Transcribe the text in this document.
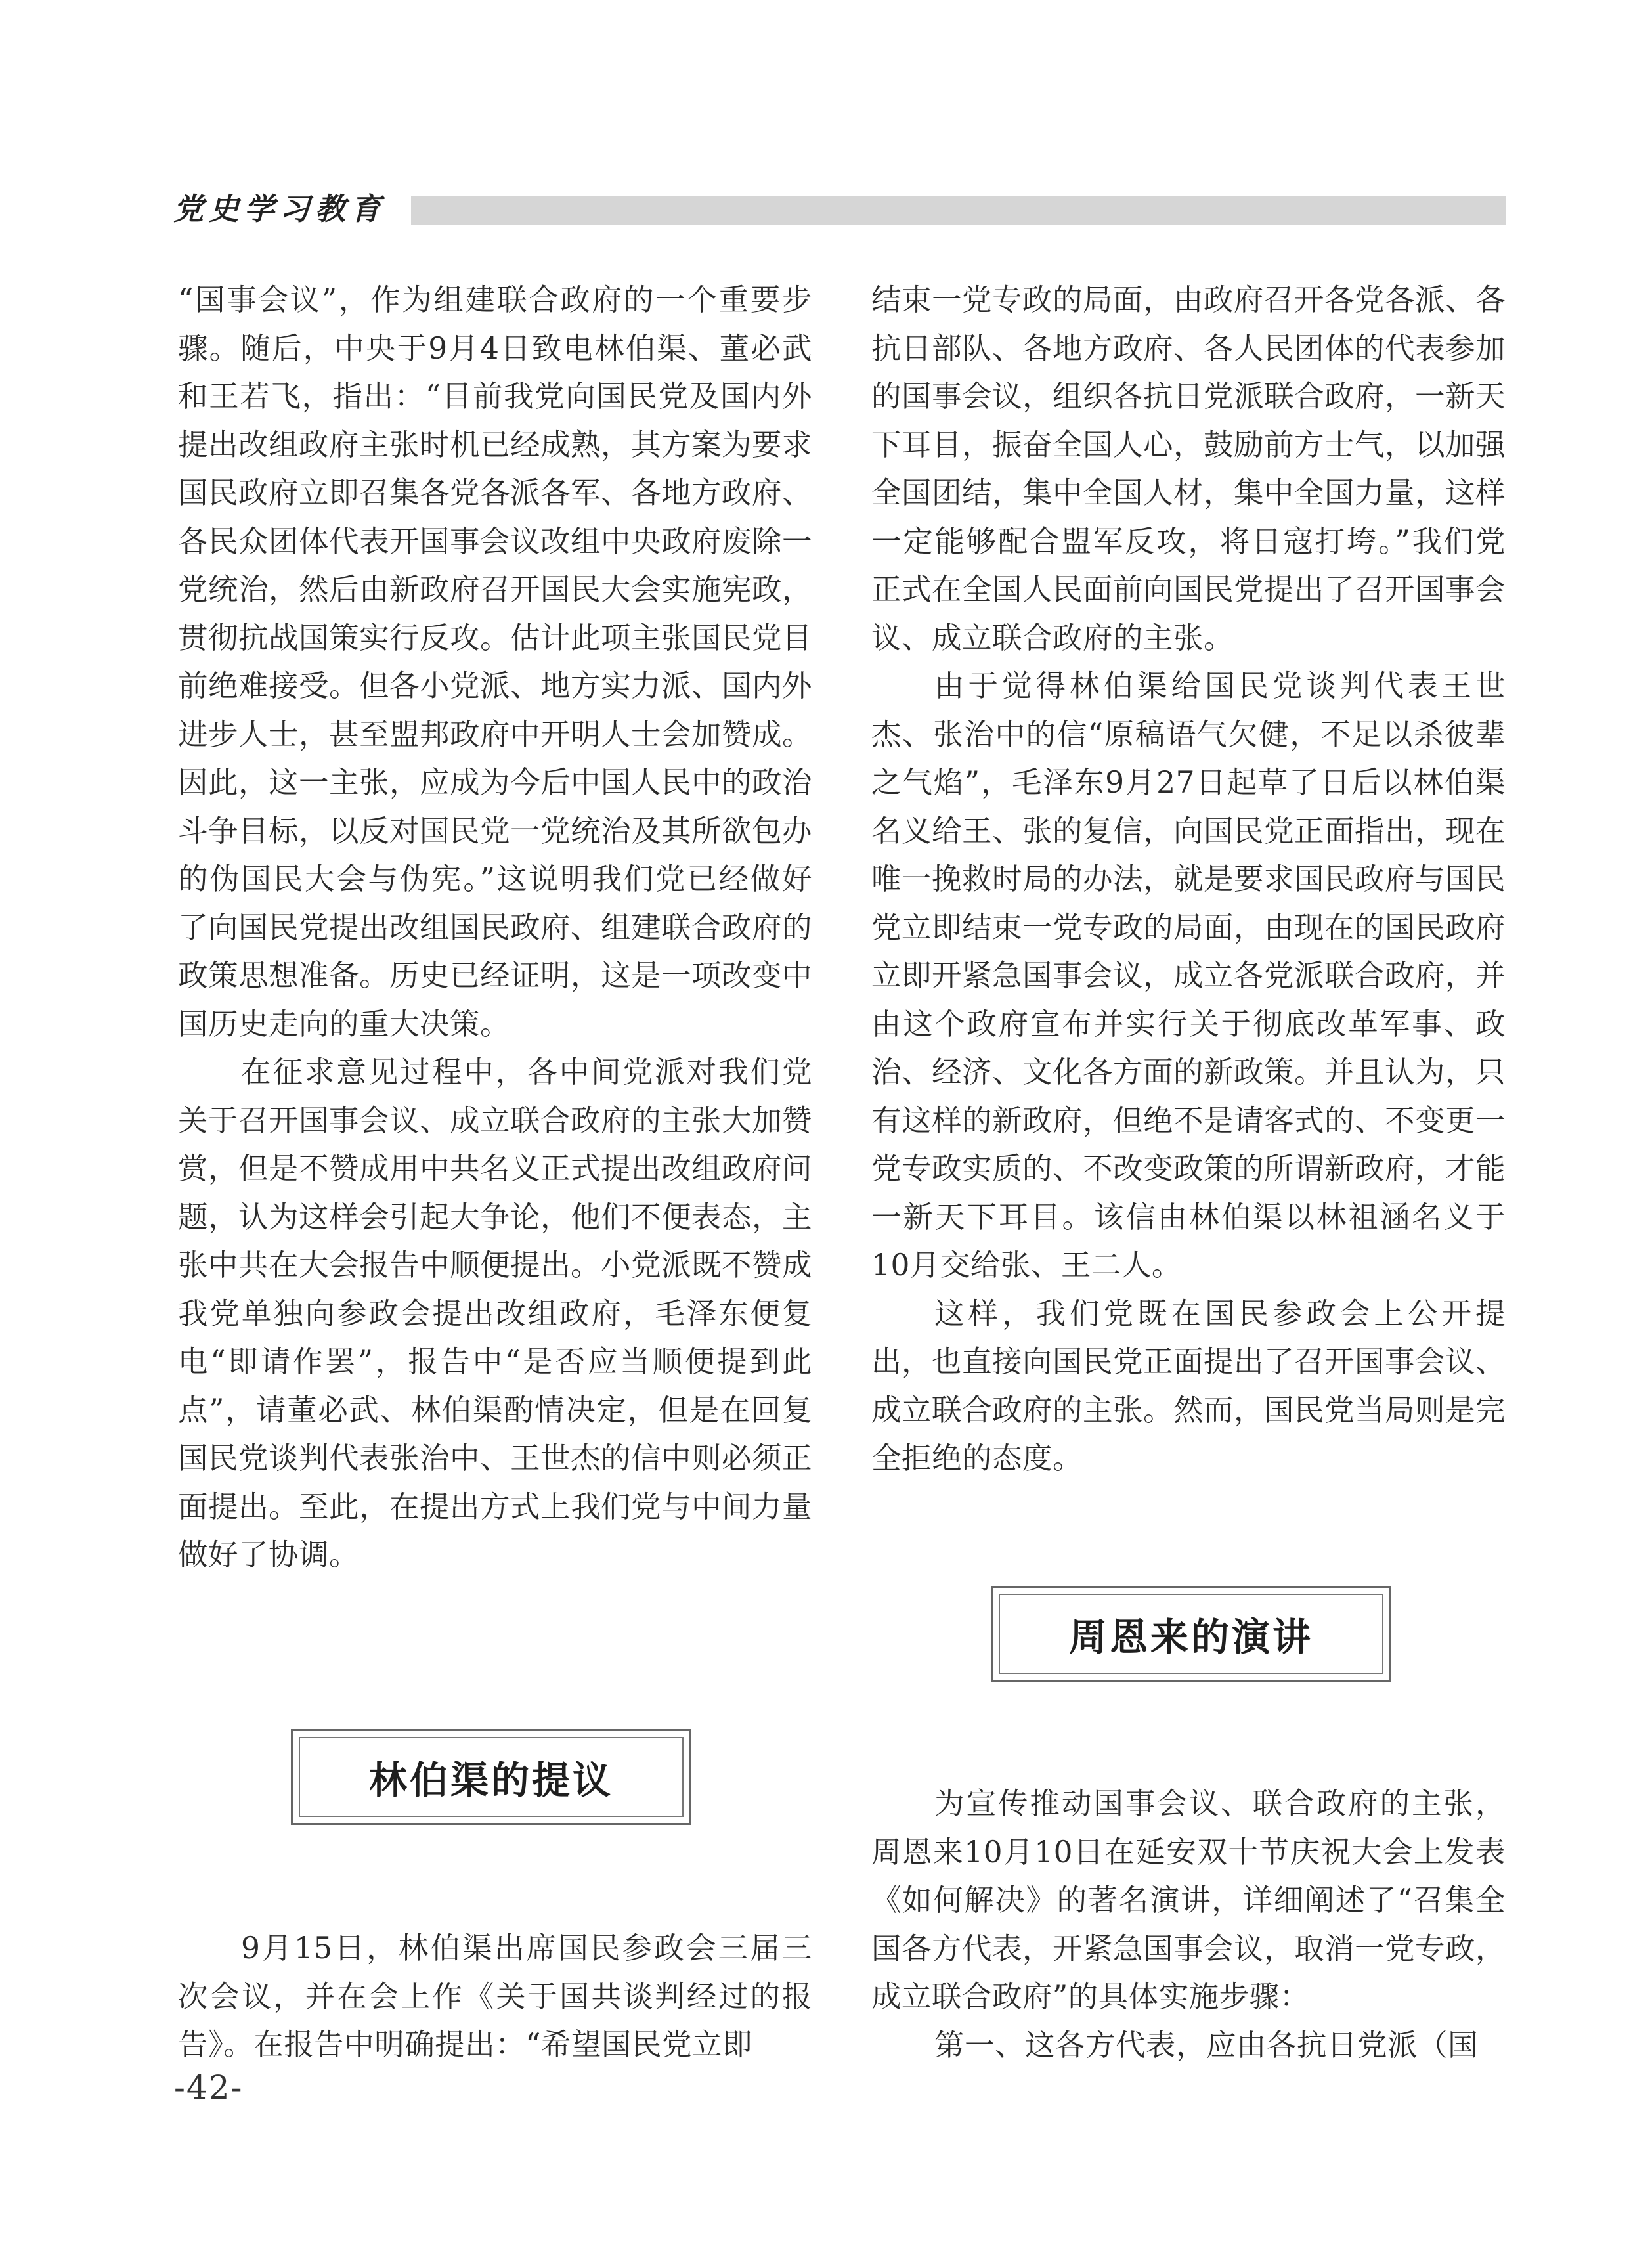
党史学习教育

“国事会议”，作为组建联合政府的一个重要步骤。随后，中央于9月4日致电林伯渠、董必武和王若飞，指出：“目前我党向国民党及国内外提出改组政府主张时机已经成熟，其方案为要求国民政府立即召集各党各派各军、各地方政府、各民众团体代表开国事会议改组中央政府废除一党统治，然后由新政府召开国民大会实施宪政，贯彻抗战国策实行反攻。估计此项主张国民党目前绝难接受。但各小党派、地方实力派、国内外进步人士，甚至盟邦政府中开明人士会加赞成。因此，这一主张，应成为今后中国人民中的政治斗争目标，以反对国民党一党统治及其所欲包办的伪国民大会与伪宪。”这说明我们党已经做好了向国民党提出改组国民政府、组建联合政府的政策思想准备。历史已经证明，这是一项改变中国历史走向的重大决策。

在征求意见过程中，各中间党派对我们党关于召开国事会议、成立联合政府的主张大加赞赏，但是不赞成用中共名义正式提出改组政府问题，认为这样会引起大争论，他们不便表态，主张中共在大会报告中顺便提出。小党派既不赞成我党单独向参政会提出改组政府，毛泽东便复电“即请作罢”，报告中“是否应当顺便提到此点”，请董必武、林伯渠酌情决定，但是在回复国民党谈判代表张治中、王世杰的信中则必须正面提出。至此，在提出方式上我们党与中间力量做好了协调。

林伯渠的提议

9月15日，林伯渠出席国民参政会三届三次会议，并在会上作《关于国共谈判经过的报告》。在报告中明确提出：“希望国民党立即

结束一党专政的局面，由政府召开各党各派、各抗日部队、各地方政府、各人民团体的代表参加的国事会议，组织各抗日党派联合政府，一新天下耳目，振奋全国人心，鼓励前方士气，以加强全国团结，集中全国人材，集中全国力量，这样一定能够配合盟军反攻，将日寇打垮。”我们党正式在全国人民面前向国民党提出了召开国事会议、成立联合政府的主张。

由于觉得林伯渠给国民党谈判代表王世杰、张治中的信“原稿语气欠健，不足以杀彼辈之气焰”，毛泽东9月27日起草了日后以林伯渠名义给王、张的复信，向国民党正面指出，现在唯一挽救时局的办法，就是要求国民政府与国民党立即结束一党专政的局面，由现在的国民政府立即开紧急国事会议，成立各党派联合政府，并由这个政府宣布并实行关于彻底改革军事、政治、经济、文化各方面的新政策。并且认为，只有这样的新政府，但绝不是请客式的、不变更一党专政实质的、不改变政策的所谓新政府，才能一新天下耳目。该信由林伯渠以林祖涵名义于10月交给张、王二人。

这样，我们党既在国民参政会上公开提出，也直接向国民党正面提出了召开国事会议、成立联合政府的主张。然而，国民党当局则是完全拒绝的态度。

周恩来的演讲

为宣传推动国事会议、联合政府的主张，周恩来10月10日在延安双十节庆祝大会上发表《如何解决》的著名演讲，详细阐述了“召集全国各方代表，开紧急国事会议，取消一党专政，成立联合政府”的具体实施步骤：

第一、这各方代表，应由各抗日党派（国

-42-
